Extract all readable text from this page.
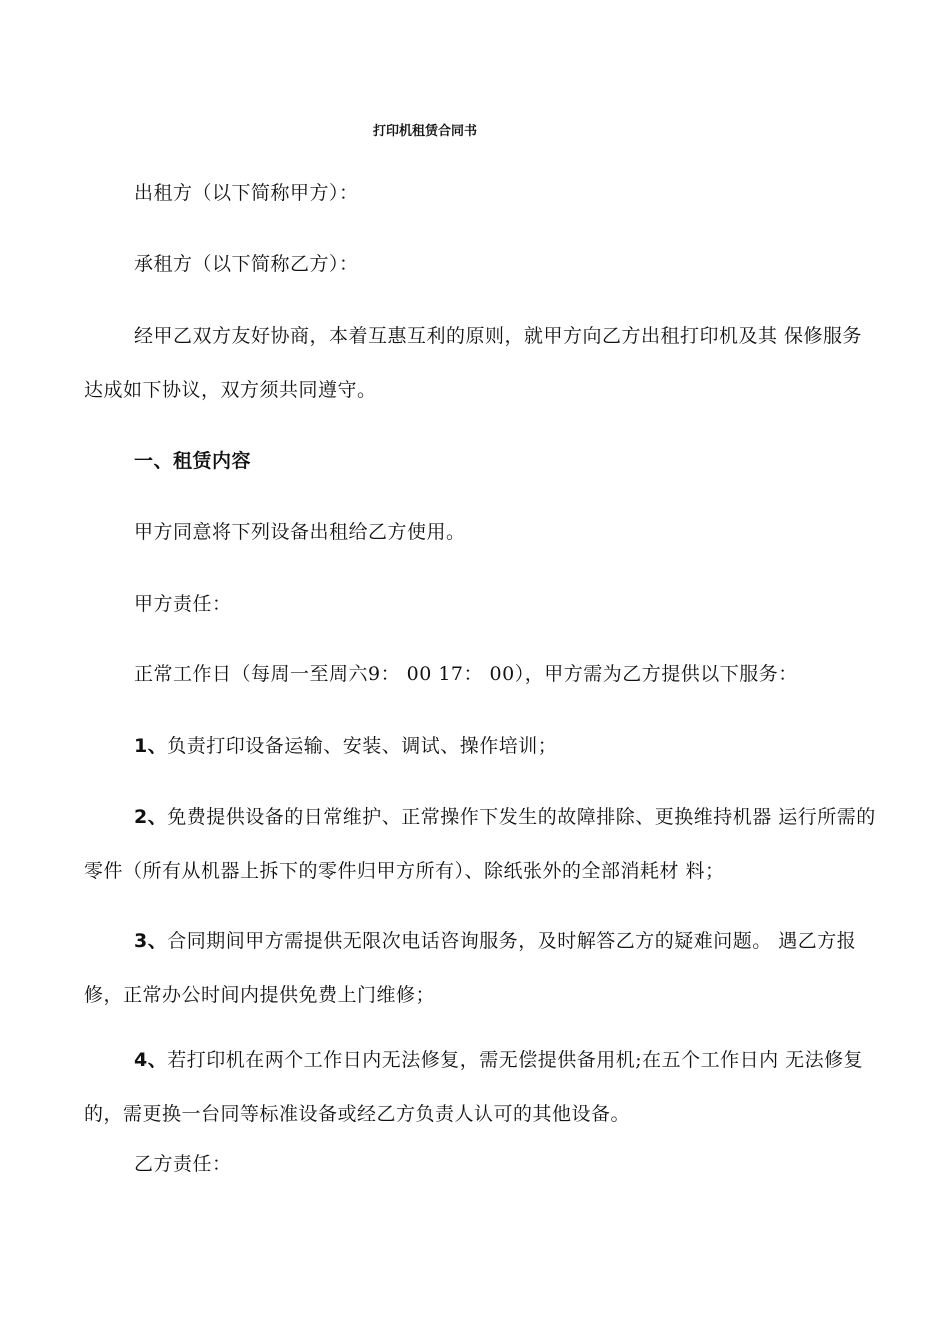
打印机租赁合同书

出租方（以下简称甲方）：

承租方（以下简称乙方）：

经甲乙双方友好协商，本着互惠互利的原则，就甲方向乙方出租打印机及其 保修服务达成如下协议，双方须共同遵守。

一、租赁内容

甲方同意将下列设备出租给乙方使用。

甲方责任：

正常工作日（每周一至周六9： 00 17： 00），甲方需为乙方提供以下服务：

1、负责打印设备运输、安装、调试、操作培训；

2、免费提供设备的日常维护、正常操作下发生的故障排除、更换维持机器 运行所需的零件（所有从机器上拆下的零件归甲方所有）、除纸张外的全部消耗材 料；

3、合同期间甲方需提供无限次电话咨询服务，及时解答乙方的疑难问题。 遇乙方报修，正常办公时间内提供免费上门维修；

4、若打印机在两个工作日内无法修复，需无偿提供备用机;在五个工作日内 无法修复的，需更换一台同等标准设备或经乙方负责人认可的其他设备。

乙方责任：
